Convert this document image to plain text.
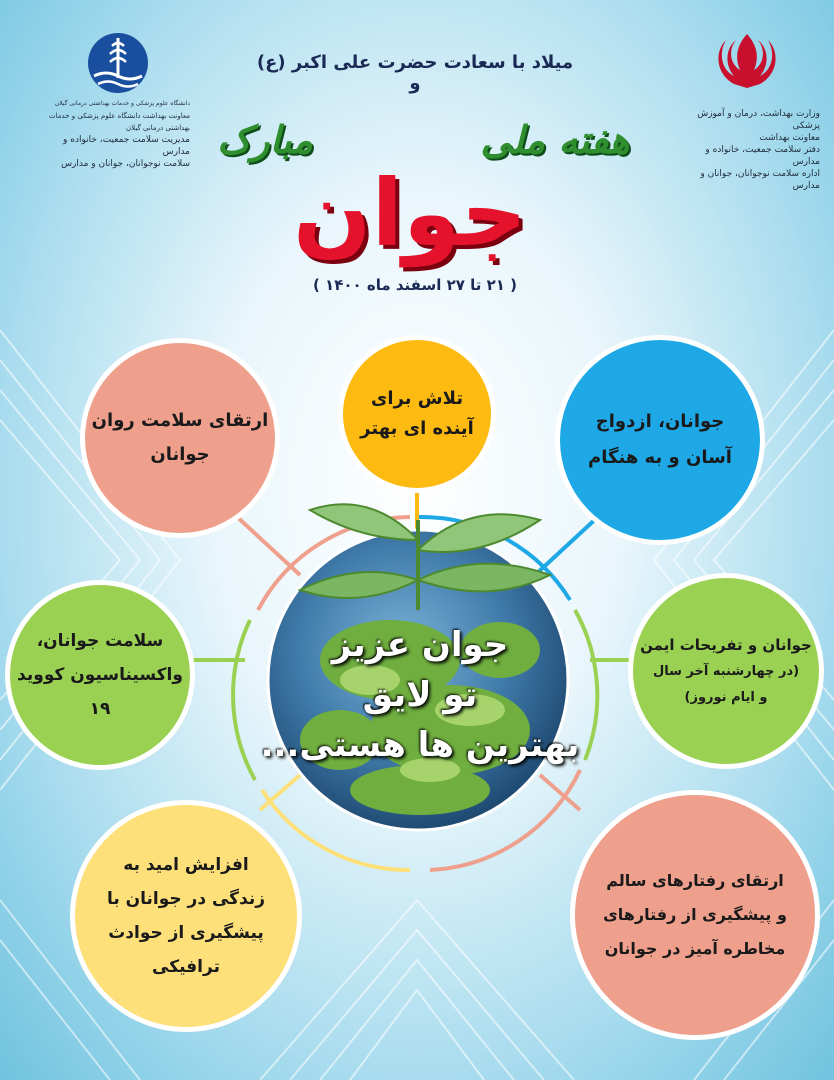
دانشگاه علوم پزشکی و خدمات بهداشتی درمانی گیلان
معاونت بهداشت دانشگاه علوم پزشکی و خدمات بهداشتی درمانی گیلان
مدیریت سلامت جمعیت، خانواده و مدارس
سلامت نوجوانان، جوانان و مدارس
وزارت بهداشت، درمان و آموزش پزشکی
معاونت بهداشت
دفتر سلامت جمعیت، خانواده و مدارس
اداره سلامت نوجوانان، جوانان و مدارس
میلاد با سعادت حضرت علی اکبر (ع) و
هفته ملی
مبارک
جوان
( ۲۱ تا ۲۷ اسفند ماه ۱۴۰۰ )
جوان عزیز
تو لایق
بهترین ها هستی...
تلاش برای
آینده ای بهتر
ارتقای سلامت روان
جوانان
جوانان، ازدواج
آسان و به هنگام
سلامت جوانان،
واکسیناسیون کووید ۱۹
جوانان و تفریحات ایمن
(در چهارشنبه آخر سال
و ایام نوروز)
افزایش امید به
زندگی در جوانان با
پیشگیری از حوادث
ترافیکی
ارتقای رفتارهای سالم
و پیشگیری از رفتارهای
مخاطره آمیز در جوانان
